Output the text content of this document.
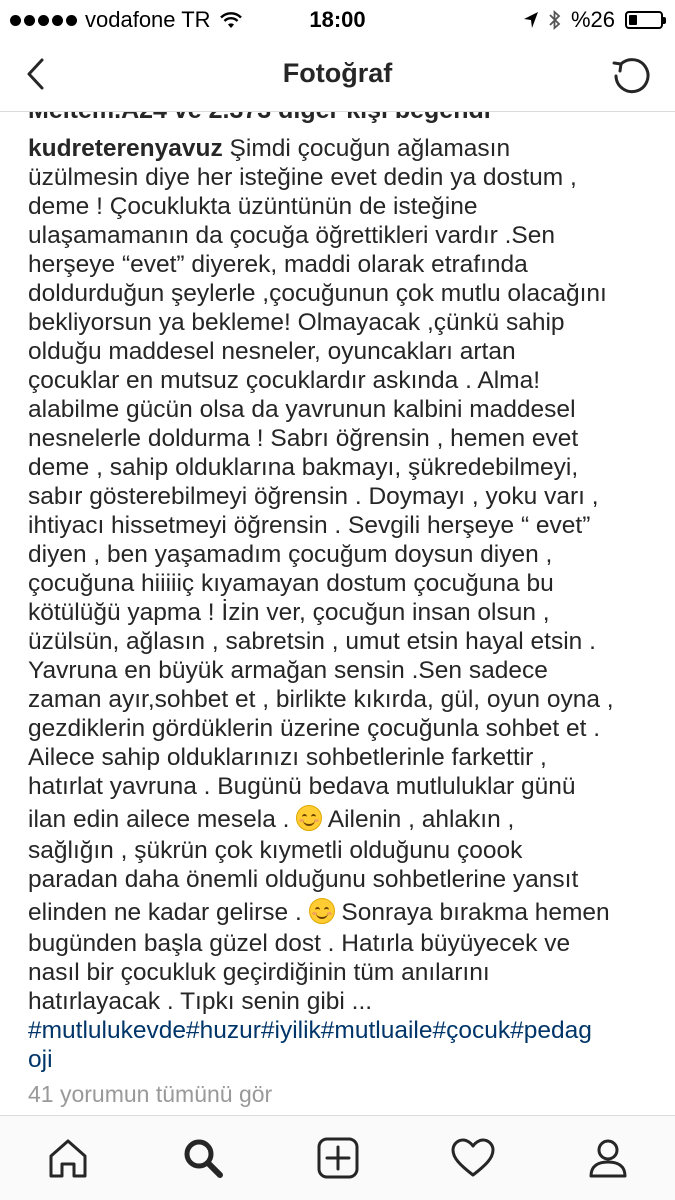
vodafone TR	18:00	%26
Fotoğraf

kudreterenyavuz Şimdi çocuğun ağlamasın

üzülmesin diye her isteğine evet dedin ya dostum ,

deme ! Çocuklukta üzüntünün de isteğine

ulaşamamanın da çocuğa öğrettikleri vardır .Sen

herşeye “evet” diyerek, maddi olarak etrafında

doldurduğun şeylerle ,çocuğunun çok mutlu olacağını

bekliyorsun ya bekleme! Olmayacak ,çünkü sahip

olduğu maddesel nesneler, oyuncakları artan

çocuklar en mutsuz çocuklardır askında . Alma!

alabilme gücün olsa da yavrunun kalbini maddesel

nesnelerle doldurma ! Sabrı öğrensin , hemen evet

deme , sahip olduklarına bakmayı, şükredebilmeyi,

sabır gösterebilmeyi öğrensin . Doymayı , yoku varı ,

ihtiyacı hissetmeyi öğrensin . Sevgili herşeye “ evet”

diyen , ben yaşamadım çocuğum doysun diyen ,

çocuğuna hiiiiiç kıyamayan dostum çocuğuna bu

kötülüğü yapma ! İzin ver, çocuğun insan olsun ,

üzülsün, ağlasın , sabretsin , umut etsin hayal etsin .

Yavruna en büyük armağan sensin .Sen sadece

zaman ayır,sohbet et , birlikte kıkırda, gül, oyun oyna ,

gezdiklerin gördüklerin üzerine çocuğunla sohbet et .

Ailece sahip olduklarınızı sohbetlerinle farkettir ,

hatırlat yavruna . Bugünü bedava mutluluklar günü

ilan edin ailece mesela .
Ailenin , ahlakın ,

sağlığın , şükrün çok kıymetli olduğunu çoook

paradan daha önemli olduğunu sohbetlerine yansıt

elinden ne kadar gelirse .
Sonraya bırakma hemen

bugünden başla güzel dost . Hatırla büyüyecek ve

nasıl bir çocukluk geçirdiğinin tüm anılarını

hatırlayacak . Tıpkı senin gibi ...

#mutlulukevde#huzur#iyilik#mutluaile#çocuk#pedag

oji

41 yorumun tümünü gör
